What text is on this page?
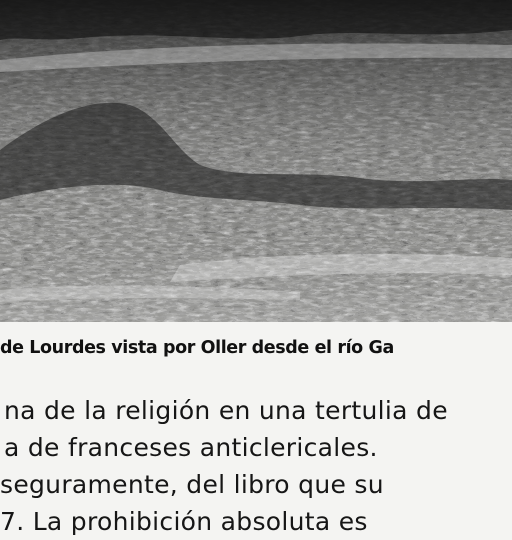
de Lourdes vista por Oller desde el río Ga
na de la religión en una tertulia de
a de franceses anticlericales.
seguramente, del libro que su
7. La prohibición absoluta es
